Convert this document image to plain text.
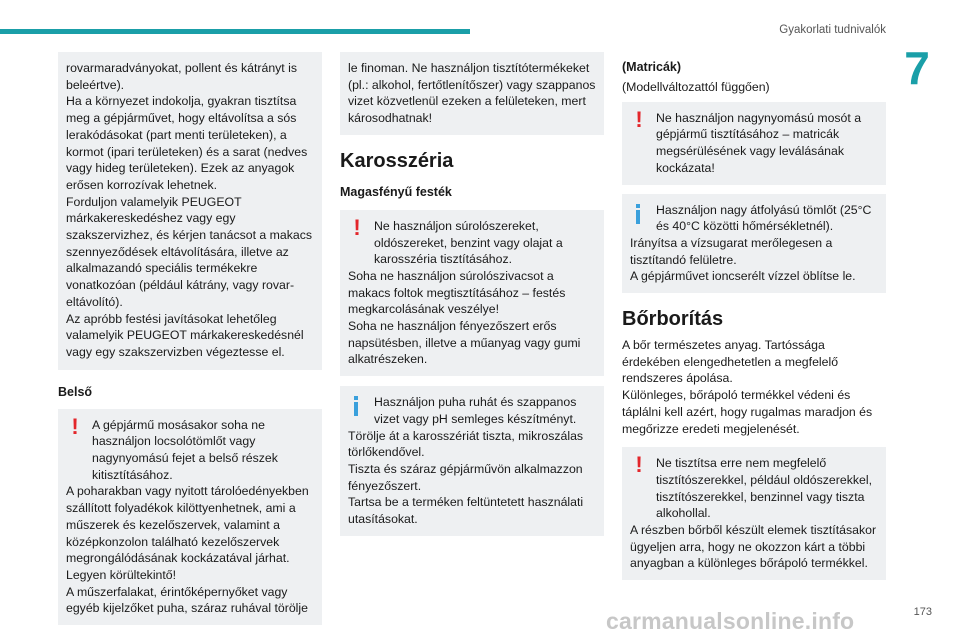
Gyakorlati tudnivalók
7

rovarmaradványokat, pollent és kátrányt is beleértve).

Ha a környezet indokolja, gyakran tisztítsa meg a gépjárművet, hogy eltávolítsa a sós lerakódásokat (part menti területeken), a kormot (ipari területeken) és a sarat (nedves vagy hideg területeken). Ezek az anyagok erősen korrozívak lehetnek.

Forduljon valamelyik PEUGEOT márkakereskedéshez vagy egy szakszervizhez, és kérjen tanácsot a makacs szennyeződések eltávolítására, illetve az alkalmazandó speciális termékekre vonatkozóan (például kátrány, vagy rovar-eltávolító).

Az apróbb festési javításokat lehetőleg valamelyik PEUGEOT márkakereskedésnél vagy egy szakszervizben végeztesse el.

Belső

!	A gépjármű mosásakor soha ne használjon locsolótömlőt vagy nagynyomású fejet a belső részek kitisztításához.

A poharakban vagy nyitott tárolóedényekben szállított folyadékok kilöttyenhetnek, ami a műszerek és kezelőszervek, valamint a középkonzolon található kezelőszervek megrongálódásának kockázatával járhat.

Legyen körültekintő!

A műszerfalakat, érintőképernyőket vagy egyéb kijelzőket puha, száraz ruhával törölje

le finoman. Ne használjon tisztítótermékeket (pl.: alkohol, fertőtlenítőszer) vagy szappanos vizet közvetlenül ezeken a felületeken, mert károsodhatnak!

Karosszéria
Magasfényű festék

!	Ne használjon súrolószereket, oldószereket, benzint vagy olajat a karosszéria tisztításához.

Soha ne használjon súrolószivacsot a makacs foltok megtisztításához – festés megkarcolásának veszélye!

Soha ne használjon fényezőszert erős napsütésben, illetve a műanyag vagy gumi alkatrészeken.

Használjon puha ruhát és szappanos vizet vagy pH semleges készítményt.

Törölje át a karosszériát tiszta, mikroszálas törlőkendővel.

Tiszta és száraz gépjárművön alkalmazzon fényezőszert.

Tartsa be a terméken feltüntetett használati utasításokat.

(Matricák)

(Modellváltozattól függően)

!	Ne használjon nagynyomású mosót a gépjármű tisztításához – matricák megsérülésének vagy leválásának kockázata!

Használjon nagy átfolyású tömlőt (25°C és 40°C közötti hőmérsékletnél).

Irányítsa a vízsugarat merőlegesen a tisztítandó felületre.

A gépjárművet ioncserélt vízzel öblítse le.

Bőrborítás

A bőr természetes anyag. Tartóssága érdekében elengedhetetlen a megfelelő rendszeres ápolása.

Különleges, bőrápoló termékkel védeni és táplálni kell azért, hogy rugalmas maradjon és megőrizze eredeti megjelenését.

!	Ne tisztítsa erre nem megfelelő tisztítószerekkel, például oldószerekkel, tisztítószerekkel, benzinnel vagy tiszta alkohollal.

A részben bőrből készült elemek tisztításakor ügyeljen arra, hogy ne okozzon kárt a többi anyagban a különleges bőrápoló termékkel.

carmanualsonline.info	173
